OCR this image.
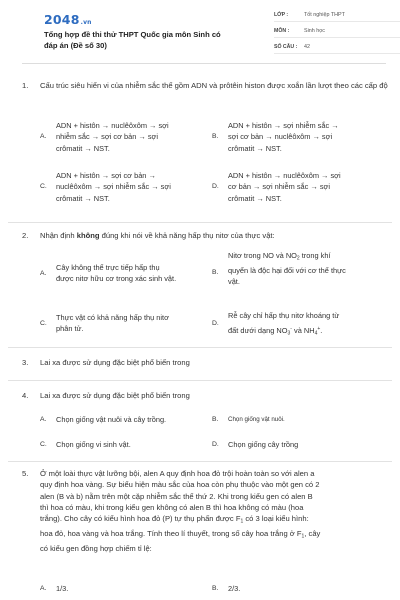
2048.vn
Tổng hợp đề thi thử THPT Quốc gia môn Sinh có đáp án (Đề số 30)
LỚP :	Tốt nghiệp THPT
MÔN :	Sinh học
SỐ CÂU :	42
1.	Cấu trúc siêu hiển vi của nhiễm sắc thể gồm ADN và prôtêin histon được xoắn lần lượt theo các cấp độ
A.
ADN + histôn → nuclêôxôm → sợi
nhiễm sắc → sợi cơ bản → sợi
crômatit → NST.
B.
ADN + histôn → sợi nhiễm sắc →
sợi cơ bản → nuclêôxôm → sợi
crômatit → NST.
C.
ADN + histôn → sợi cơ bản →
nuclêôxôm → sợi nhiễm sắc → sợi
crômatit → NST.
D.
ADN + histôn → nuclêôxôm → sợi
cơ bản → sợi nhiễm sắc → sợi
crômatit → NST.
2.	Nhận định không đúng khi nói về khả năng hấp thụ nitơ của thực vật:
A.
Cây không thể trực tiếp hấp thụ
được nitơ hữu cơ trong xác sinh vật.
B.
Nitơ trong NO và $NO_2$ trong khí
quyển là độc hại đối với cơ thể thực
vật.
C.
Thực vật có khả năng hấp thụ nitơ
phân tử.
D.
Rễ cây chỉ hấp thụ nitơ khoáng từ
đất dưới dạng $NO_3^-$ và $NH_4^+$.
3.	Lai xa được sử dụng đặc biệt phổ biến trong
4.	Lai xa được sử dụng đặc biệt phổ biến trong
A. Chọn giống vật nuôi và cây trồng.	B. Chọn giống vật nuôi.
C. Chọn giống vi sinh vật.	D. Chọn giống cây trồng
5.	Ở một loài thực vật lưỡng bội, alen A quy định hoa đỏ trội hoàn toàn so với alen a
quy định hoa vàng. Sự biểu hiện màu sắc của hoa còn phụ thuộc vào một gen có 2
alen (B và b) nằm trên một cặp nhiễm sắc thể thứ 2. Khi trong kiểu gen có alen B
thì hoa có màu, khi trong kiểu gen không có alen B thì hoa không có màu (hoa
trắng). Cho cây có kiểu hình hoa đỏ (P) tự thụ phấn được $F_1$ có 3 loại kiểu hình:
hoa đỏ, hoa vàng và hoa trắng. Tính theo lí thuyết, trong số cây hoa trắng ở $F_1$, cây
có kiểu gen đồng hợp chiếm tỉ lệ:
A. 1/3.	B. 2/3.
